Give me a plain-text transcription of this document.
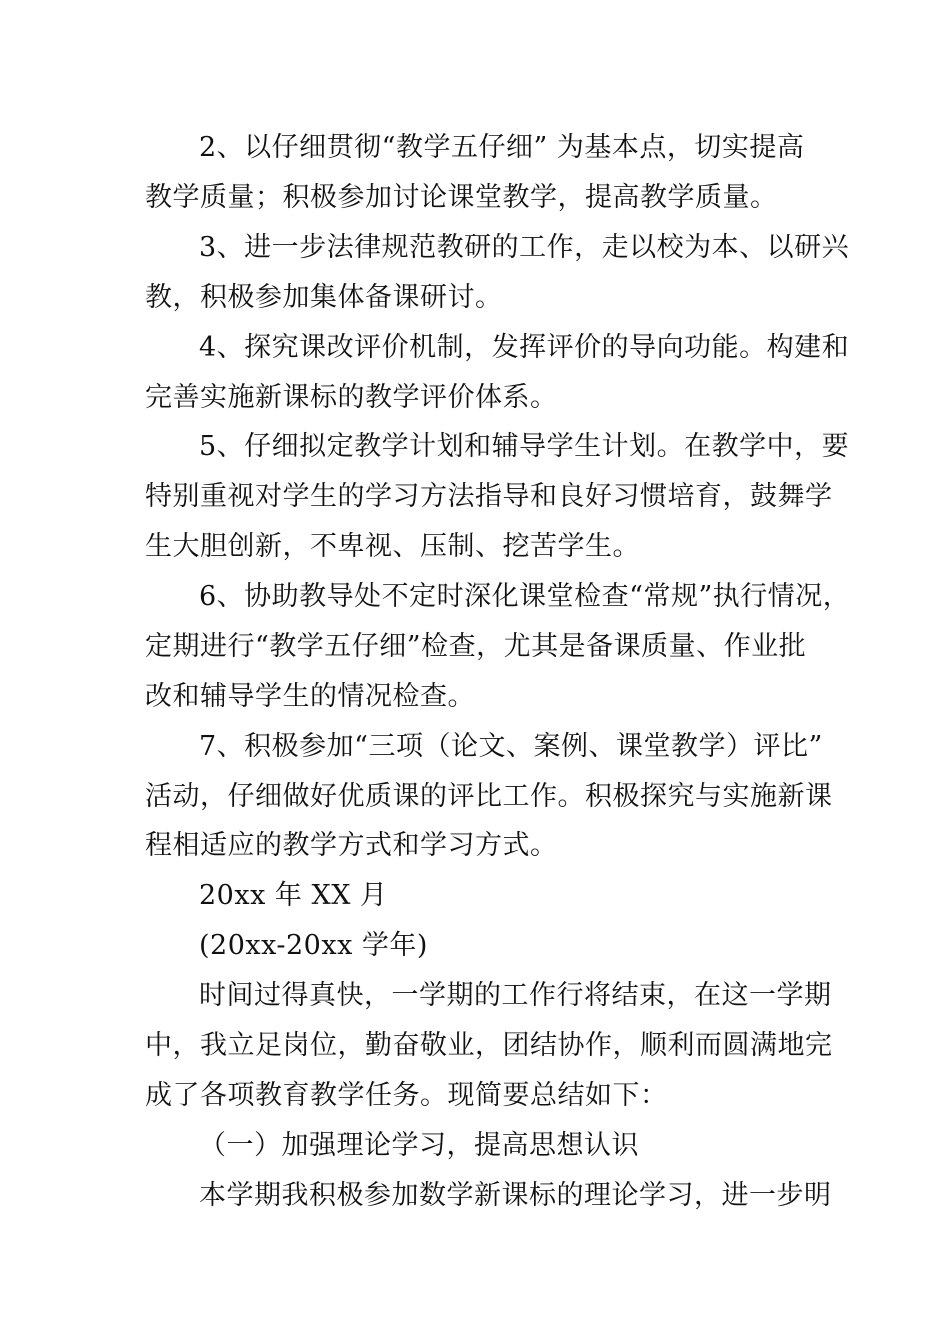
2、以仔细贯彻“教学五仔细” 为基本点，切实提高
教学质量；积极参加讨论课堂教学，提高教学质量。
3、进一步法律规范教研的工作，走以校为本、以研兴
教，积极参加集体备课研讨。
4、探究课改评价机制，发挥评价的导向功能。构建和
完善实施新课标的教学评价体系。
5、仔细拟定教学计划和辅导学生计划。在教学中，要
特别重视对学生的学习方法指导和良好习惯培育，鼓舞学
生大胆创新，不卑视、压制、挖苦学生。
6、协助教导处不定时深化课堂检查“常规”执行情况，
定期进行“教学五仔细”检查，尤其是备课质量、作业批
改和辅导学生的情况检查。
7、积极参加“三项（论文、案例、课堂教学）评比”
活动，仔细做好优质课的评比工作。积极探究与实施新课
程相适应的教学方式和学习方式。
20xx 年 XX 月
(20xx-20xx 学年)
时间过得真快，一学期的工作行将结束，在这一学期
中，我立足岗位，勤奋敬业，团结协作，顺利而圆满地完
成了各项教育教学任务。现简要总结如下：
（一）加强理论学习，提高思想认识
本学期我积极参加数学新课标的理论学习，进一步明
